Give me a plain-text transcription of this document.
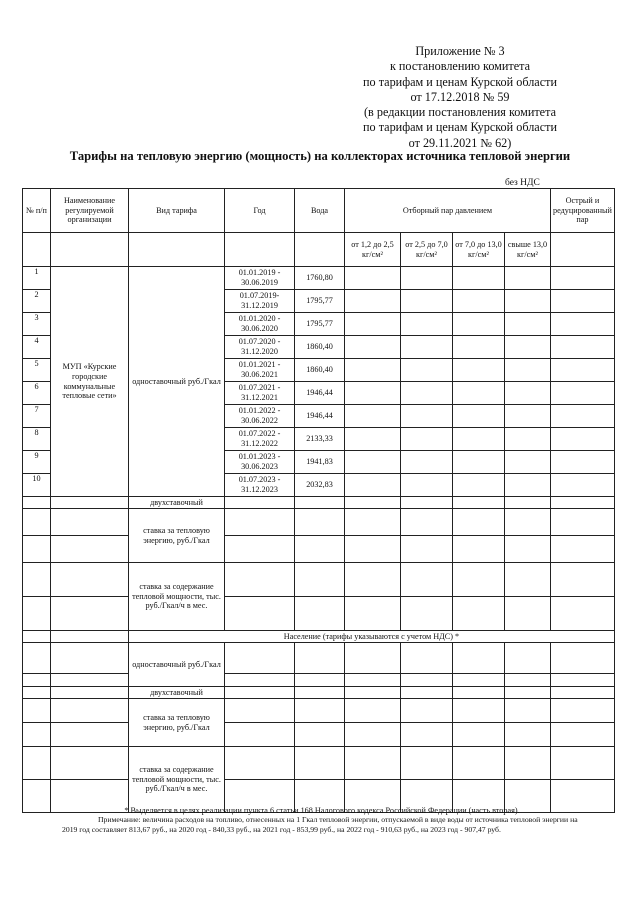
Приложение № 3
к постановлению комитета
по тарифам и ценам Курской области
от 17.12.2018 № 59
(в редакции постановления комитета
по тарифам и ценам Курской области
от 29.11.2021 № 62)
Тарифы на тепловую энергию (мощность) на коллекторах источника тепловой энергии
без НДС
№ п/п	Наименование регулируемой организации	Вид тарифа	Год	Вода	Отборный пар давлением				Острый и редуцированный пар
					от 1,2 до 2,5 кг/см²	от 2,5 до 7,0 кг/см²	от 7,0 до 13,0 кг/см²	свыше 13,0 кг/см²	
1	МУП «Курские городские коммунальные тепловые сети»	одноставочный руб./Гкал	01.01.2019 - 30.06.2019	1760,80					
2			01.07.2019- 31.12.2019	1795,77					
3			01.01.2020 - 30.06.2020	1795,77					
4			01.07.2020 - 31.12.2020	1860,40					
5			01.01.2021 - 30.06.2021	1860,40					
6			01.07.2021 - 31.12.2021	1946,44					
7			01.01.2022 - 30.06.2022	1946,44					
8			01.07.2022 - 31.12.2022	2133,33					
9			01.01.2023 - 30.06.2023	1941,83					
10			01.07.2023 - 31.12.2023	2032,83					
		двухставочный							
		ставка за тепловую энергию, руб./Гкал							

		ставка за содержание тепловой мощности, тыс. руб./Гкал/ч в мес.							

		Население (тарифы указываются с учетом НДС) *							
		одноставочный руб./Гкал							

		двухставочный							
		ставка за тепловую энергию, руб./Гкал							

		ставка за содержание тепловой мощности, тыс. руб./Гкал/ч в мес.							

* Выделяется в целях реализации пункта 6 статьи 168 Налогового кодекса Российской Федерации (часть вторая).

Примечание: величина расходов на топливо, отнесенных на 1 Гкал тепловой энергии, отпускаемой в виде воды от источника тепловой энергии на 2019 год составляет 813,67 руб., на 2020 год - 840,33 руб., на 2021 год - 853,99 руб., на 2022 год - 910,63 руб., на 2023 год - 907,47 руб.
